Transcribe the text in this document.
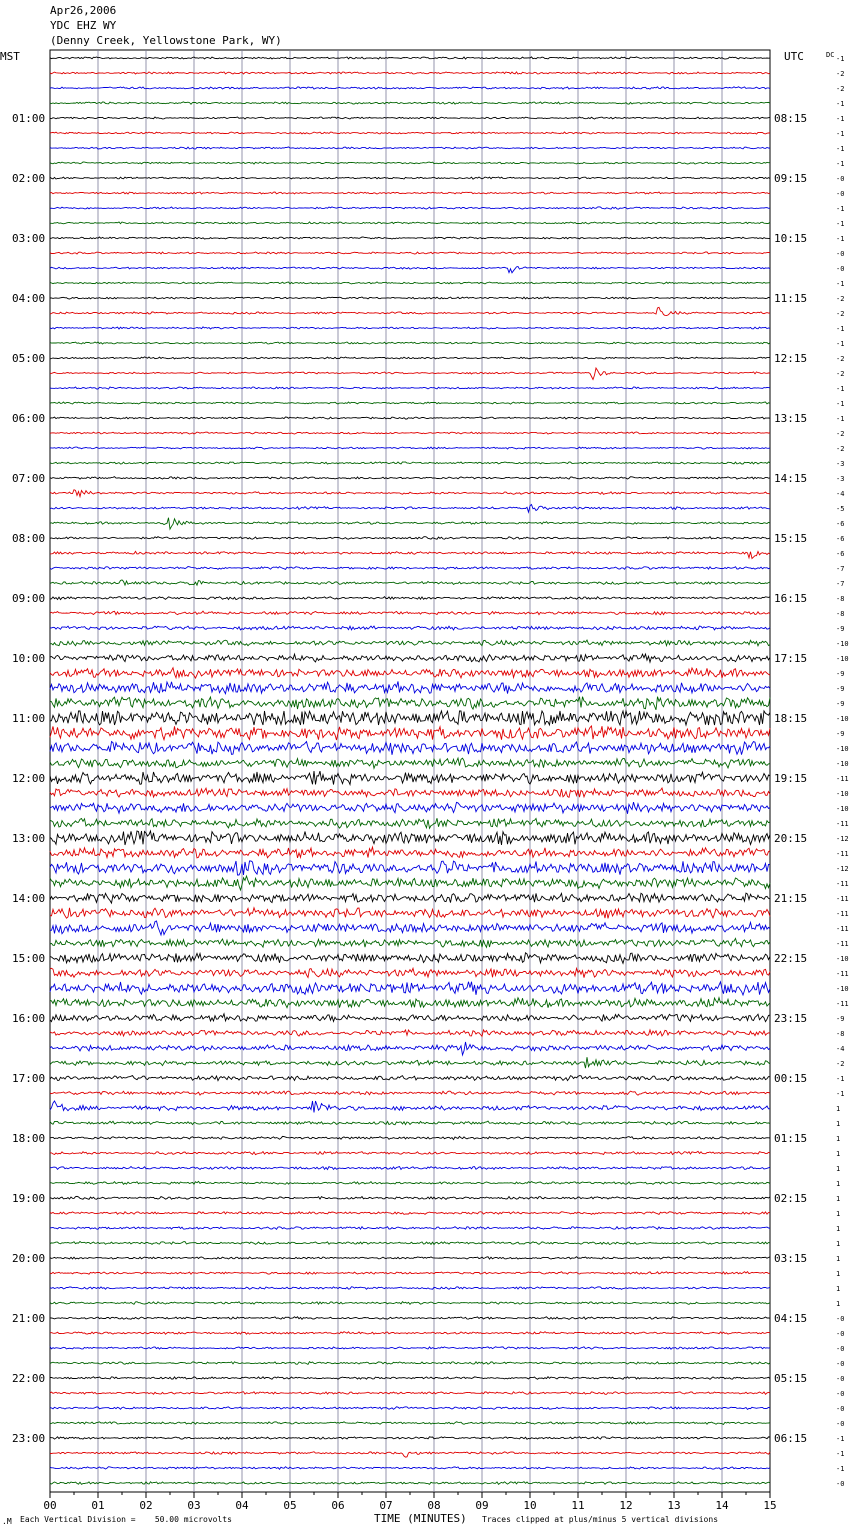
Apr26,2006
YDC EHZ WY
(Denny Creek, Yellowstone Park, WY)
00	01	02	03	04	05	06	07	08	09	10	11	12	13	14	15
MST	UTC	DC -1
-2
-2
-1
-1
-1
-1
-1
-0
-0
-1
-1
-1
-0
-0
-1
-2
-2
-1
-1
-2
-2
-1
-1
-1
-2
-2
-3
-3
-4
-5
-6
-6
-6
-7
-7
-8
-8
-9
-10
-10
-9
-9
-9
-10
-9
-10
-10
-11
-10
-10
-11
-12
-11
-12
-11
-11
-11
-11
-11
-10
-11
-10
-11
-9
-8
-4
-2
-1
-1
1
1
1
1
1
1
1
1
1
1
1
1
1
1
-0
-0
-0
-0
-0
-0
-0
-0
-1
-1
-1
-0
01:00
02:00
03:00
04:00
05:00
06:00
07:00
08:00
09:00
10:00
11:00
12:00
13:00
14:00
15:00
16:00
17:00
18:00
19:00
20:00
21:00
22:00
23:00
08:15
09:15
10:15
11:15
12:15
13:15
14:15
15:15
16:15
17:15
18:15
19:15
20:15
21:15
22:15
23:15
00:15
01:15
02:15
03:15
04:15
05:15
06:15
.M Each Vertical Division =    50.00 microvolts	TIME (MINUTES) Traces clipped at plus/minus 5 vertical divisions
